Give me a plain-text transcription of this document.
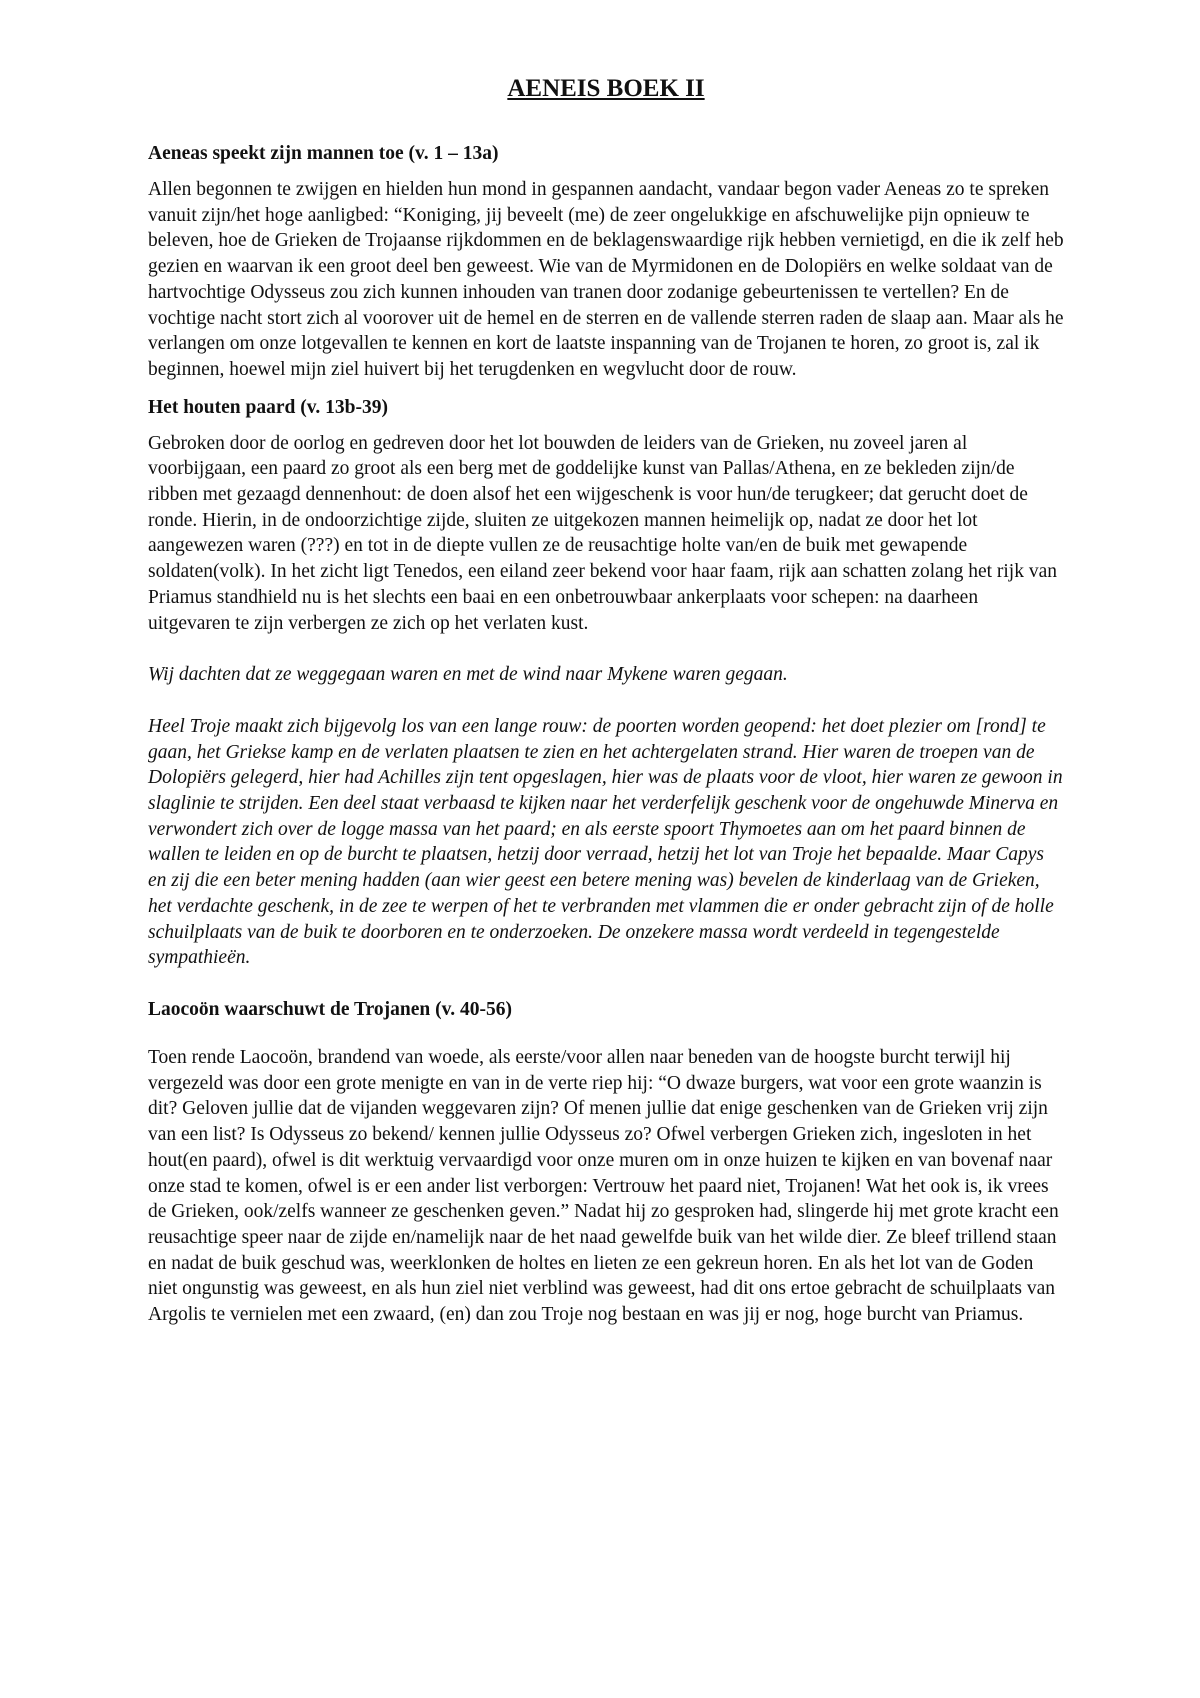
AENEIS BOEK II
Aeneas speekt zijn mannen toe (v. 1 – 13a)

Allen begonnen te zwijgen en hielden hun mond in gespannen aandacht, vandaar begon vader Aeneas zo te spreken vanuit zijn/het hoge aanligbed: “Koniging, jij beveelt (me) de zeer ongelukkige en afschuwelijke pijn opnieuw te beleven, hoe de Grieken de Trojaanse rijkdommen en de beklagenswaardige rijk hebben vernietigd, en die ik zelf heb gezien en waarvan ik een groot deel ben geweest. Wie van de Myrmidonen en de Dolopiërs en welke soldaat van de hartvochtige Odysseus zou zich kunnen inhouden van tranen door zodanige gebeurtenissen te vertellen? En de vochtige nacht stort zich al voorover uit de hemel en de sterren en de vallende sterren raden de slaap aan. Maar als he verlangen om onze lotgevallen te kennen en kort de laatste inspanning van de Trojanen te horen, zo groot is, zal ik beginnen, hoewel mijn ziel huivert bij het terugdenken en wegvlucht door de rouw.

Het houten paard (v. 13b-39)

Gebroken door de oorlog en gedreven door het lot bouwden de leiders van de Grieken, nu zoveel jaren al voorbijgaan, een paard zo groot als een berg met de goddelijke kunst van Pallas/Athena, en ze bekleden zijn/de ribben met gezaagd dennenhout: de doen alsof het een wijgeschenk is voor hun/de terugkeer; dat gerucht doet de ronde. Hierin, in de ondoorzichtige zijde, sluiten ze uitgekozen mannen heimelijk op, nadat ze door het lot aangewezen waren (???) en tot in de diepte vullen ze de reusachtige holte van/en de buik met gewapende soldaten(volk). In het zicht ligt Tenedos, een eiland zeer bekend voor haar faam, rijk aan schatten zolang het rijk van Priamus standhield nu is het slechts een baai en een onbetrouwbaar ankerplaats voor schepen: na daarheen uitgevaren te zijn verbergen ze zich op het verlaten kust.

Wij dachten dat ze weggegaan waren en met de wind naar Mykene waren gegaan.

Heel Troje maakt zich bijgevolg los van een lange rouw: de poorten worden geopend: het doet plezier om [rond] te gaan, het Griekse kamp en de verlaten plaatsen te zien en het achtergelaten strand. Hier waren de troepen van de Dolopiërs gelegerd, hier had Achilles zijn tent opgeslagen, hier was de plaats voor de vloot, hier waren ze gewoon in slaglinie te strijden. Een deel staat verbaasd te kijken naar het verderfelijk geschenk voor de ongehuwde Minerva en verwondert zich over de logge massa van het paard; en als eerste spoort Thymoetes aan om het paard binnen de wallen te leiden en op de burcht te plaatsen, hetzij door verraad, hetzij het lot van Troje het bepaalde. Maar Capys en zij die een beter mening hadden (aan wier geest een betere mening was) bevelen de kinderlaag van de Grieken, het verdachte geschenk, in de zee te werpen of het te verbranden met vlammen die er onder gebracht zijn of de holle schuilplaats van de buik te doorboren en te onderzoeken. De onzekere massa wordt verdeeld in tegengestelde sympathieën.

Laocoön waarschuwt de Trojanen (v. 40-56)

Toen rende Laocoön, brandend van woede, als eerste/voor allen naar beneden van de hoogste burcht terwijl hij vergezeld was door een grote menigte en van in de verte riep hij: “O dwaze burgers, wat voor een grote waanzin is dit? Geloven jullie dat de vijanden weggevaren zijn? Of menen jullie dat enige geschenken van de Grieken vrij zijn van een list? Is Odysseus zo bekend/ kennen jullie Odysseus zo? Ofwel verbergen Grieken zich, ingesloten in het hout(en paard), ofwel is dit werktuig vervaardigd voor onze muren om in onze huizen te kijken en van bovenaf naar onze stad te komen, ofwel is er een ander list verborgen: Vertrouw het paard niet, Trojanen! Wat het ook is, ik vrees de Grieken, ook/zelfs wanneer ze geschenken geven.” Nadat hij zo gesproken had, slingerde hij met grote kracht een reusachtige speer naar de zijde en/namelijk naar de het naad gewelfde buik van het wilde dier. Ze bleef trillend staan en nadat de buik geschud was, weerklonken de holtes en lieten ze een gekreun horen. En als het lot van de Goden niet ongunstig was geweest, en als hun ziel niet verblind was geweest, had dit ons ertoe gebracht de schuilplaats van Argolis te vernielen met een zwaard, (en) dan zou Troje nog bestaan en was jij er nog, hoge burcht van Priamus.
